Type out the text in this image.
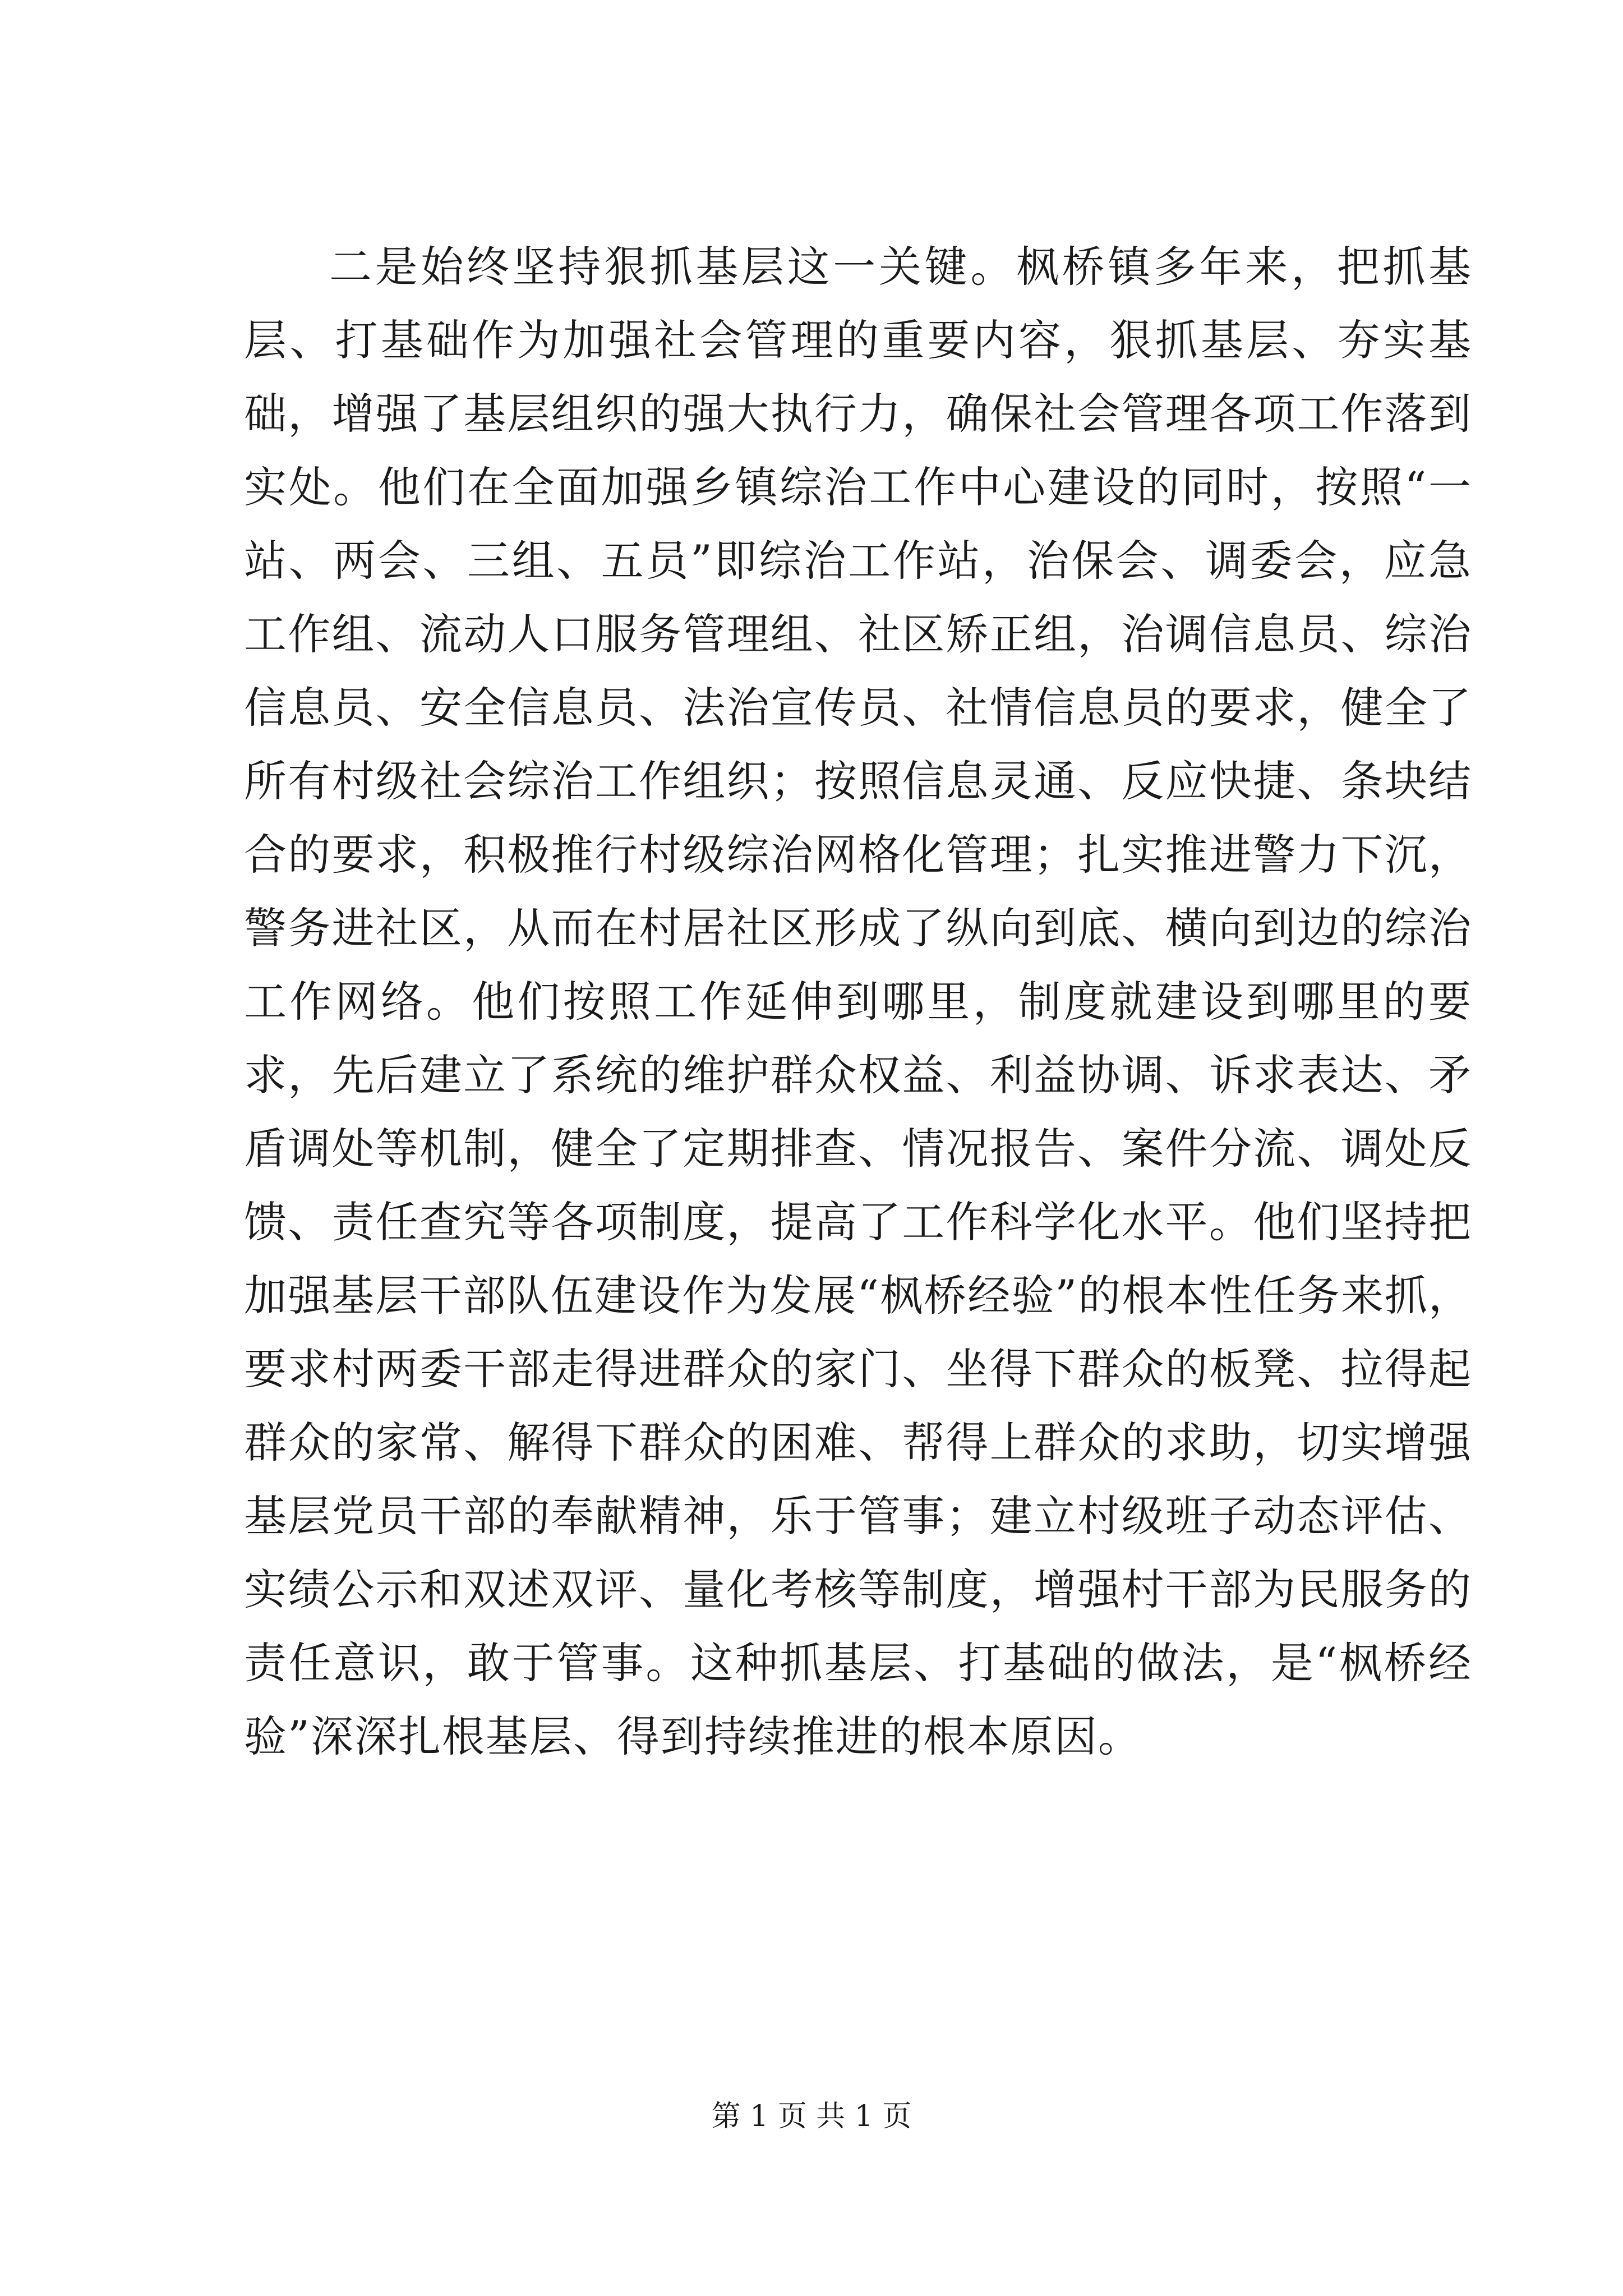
二是始终坚持狠抓基层这一关键。枫桥镇多年来，把抓基层、打基础作为加强社会管理的重要内容，狠抓基层、夯实基础，增强了基层组织的强大执行力，确保社会管理各项工作落到实处。他们在全面加强乡镇综治工作中心建设的同时，按照“一站、两会、三组、五员”即综治工作站，治保会、调委会，应急工作组、流动人口服务管理组、社区矫正组，治调信息员、综治信息员、安全信息员、法治宣传员、社情信息员的要求，健全了所有村级社会综治工作组织；按照信息灵通、反应快捷、条块结合的要求，积极推行村级综治网格化管理；扎实推进警力下沉，警务进社区，从而在村居社区形成了纵向到底、横向到边的综治工作网络。他们按照工作延伸到哪里，制度就建设到哪里的要求，先后建立了系统的维护群众权益、利益协调、诉求表达、矛盾调处等机制，健全了定期排查、情况报告、案件分流、调处反馈、责任查究等各项制度，提高了工作科学化水平。他们坚持把加强基层干部队伍建设作为发展“枫桥经验”的根本性任务来抓，要求村两委干部走得进群众的家门、坐得下群众的板凳、拉得起群众的家常、解得下群众的困难、帮得上群众的求助，切实增强基层党员干部的奉献精神，乐于管事；建立村级班子动态评估、实绩公示和双述双评、量化考核等制度，增强村干部为民服务的责任意识，敢于管事。这种抓基层、打基础的做法，是“枫桥经验”深深扎根基层、得到持续推进的根本原因。

第 1 页 共 1 页
